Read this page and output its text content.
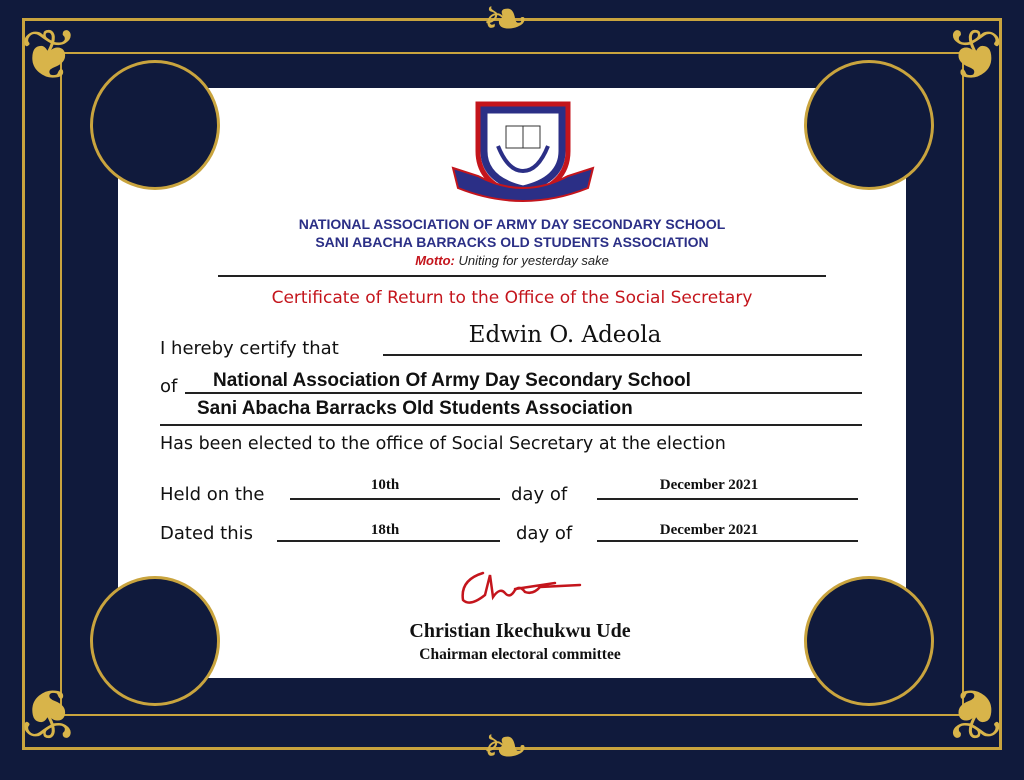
❦	❦
❦	❦
❧
❧
NATIONAL ASSOCIATION OF ARMY DAY SECONDARY SCHOOL
SANI ABACHA BARRACKS OLD STUDENTS ASSOCIATION
Motto: Uniting for yesterday sake
Certificate of Return to the Office of the Social Secretary
I hereby certify that
Edwin O. Adeola
of National Association Of Army Day Secondary School
Sani Abacha Barracks Old Students Association
Has been elected to the office of Social Secretary at the election
Held on the	10th	day of	December 2021
Dated this	18th	day of	December 2021
Christian Ikechukwu Ude
Chairman electoral committee
